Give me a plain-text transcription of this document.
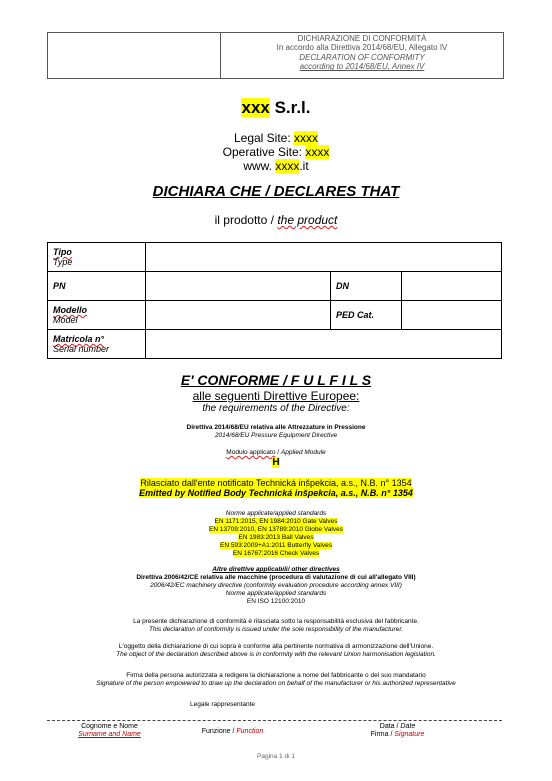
DICHIARAZIONE DI CONFORMITÀ
In accordo alla Direttiva 2014/68/EU, Allegato IV
DECLARATION OF CONFORMITY
according to 2014/68/EU, Annex IV
xxx S.r.l.
Legal Site: xxxx
Operative Site: xxxx
www. xxxx.it
DICHIARA CHE / DECLARES THAT
il prodotto / the product
Tipo
Type			

PN		DN	

Modello
Model		PED Cat.	

Matricola n°
Serial number			

E' CONFORME / F U L F I L S
alle seguenti Direttive Europee:
the requirements of the Directive:
Direttiva 2014/68/EU relativa alle Attrezzature in Pressione
2014/68/EU Pressure Equipment Directive
Modulo applicato / Applied Module
H
Rilasciato dall'ente notificato Technická inšpekcia, a.s., N.B. n° 1354
Emitted by Notified Body Technická inšpekcia, a.s., N.B. n° 1354
Norme applicate/applied standards
EN 1171:2015, EN 1984:2010 Gate Valves
EN 13709:2010, EN 13789:2010 Globe Valves
EN 1983:2013 Ball Valves
EN 593:2009+A1:2011 Butterfly Valves
EN 16767:2016 Check Valves
Altre direttive applicabili/ other directives
Direttiva 2006/42/CE relativa alle macchine (procedura di valutazione di cui all'allegato VIII)
2006/42/EC machinery directive (conformity evaluation procedure according annex VIII)
Norme applicate/applied standards
EN ISO 12100:2010
La presente dichiarazione di conformità è rilasciata sotto la responsabilità esclusiva del fabbricante.
This declaration of conformity is issued under the sole responsibility of the manufacturer.
L'oggetto della dichiarazione di cui sopra è conforme alla pertinente normativa di armonizzazione dell'Unione.
The object of the declaration described above is in conformity with the relevant Union harmonisation legislation.
Firma della persona autorizzata a redigere la dichiarazione a nome del fabbricante o del suo mandatario
Signature of the person empowered to draw up the declaration on behalf of the manufacturer or his authorized representative
Legale rappresentante
Cognome e Nome
Surname and Name	Funzione / Function
Data / Date
Firma / Signature
Pagina 1 di 1
